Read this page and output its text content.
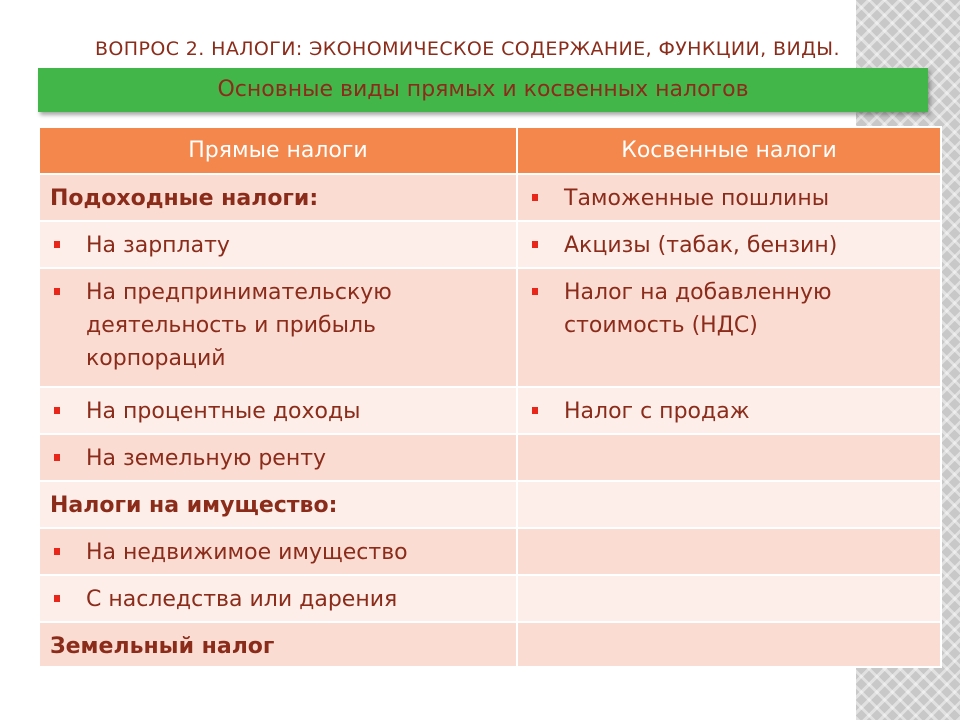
ВОПРОС 2. НАЛОГИ: ЭКОНОМИЧЕСКОЕ СОДЕРЖАНИЕ, ФУНКЦИИ, ВИДЫ.
Основные виды прямых и косвенных налогов
Прямые налоги	Косвенные налоги
Подоходные налоги:	Таможенные пошлины

На зарплату	Акцизы (табак, бензин)

На предпринимательскую деятельность и прибыль корпораций	Налог на добавленную стоимость (НДС)

На процентные доходы	Налог с продаж

На земельную ренту	

Налоги на имущество:	

На недвижимое имущество	

С наследства или дарения	

Земельный налог	
